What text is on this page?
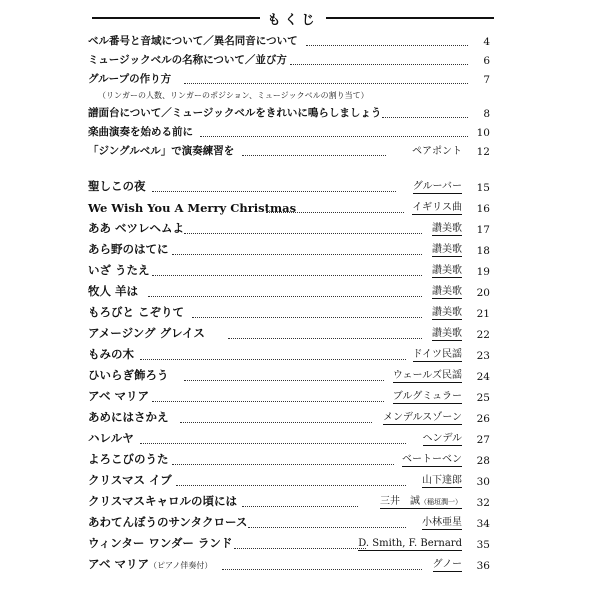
もくじ
ベル番号と音域について／異名同音について	4
ミュージックベルの名称について／並び方	6
グループの作り方	7
（リンガーの人数、リンガーのポジション、ミュージックベルの割り当て）
譜面台について／ミュージックベルをきれいに鳴らしましょう	8
楽曲演奏を始める前に	10
「ジングルベル」で演奏練習を	ペアポント 12
聖しこの夜	グルーバー 15
We Wish You A Merry Christmas	イギリス曲 16
ああ ベツレヘムよ	讃美歌 17
あら野のはてに	讃美歌 18
いざ うたえ	讃美歌 19
牧人 羊は	讃美歌 20
もろびと こぞりて	讃美歌 21
アメージング グレイス	讃美歌 22
もみの木	ドイツ民謡 23
ひいらぎ飾ろう	ウェールズ民謡 24
アベ マリア	ブルグミュラー 25
あめにはさかえ	メンデルスゾーン 26
ハレルヤ	ヘンデル 27
よろこびのうた	ベートーベン 28
クリスマス イブ	山下達郎 30
クリスマスキャロルの頃には	三井　誠（稲垣潤一） 32
あわてんぼうのサンタクロース	小林亜星 34
ウィンター ワンダー ランド	D. Smith, F. Bernard 35
アベ マリア（ピアノ伴奏付）	グノー 36
